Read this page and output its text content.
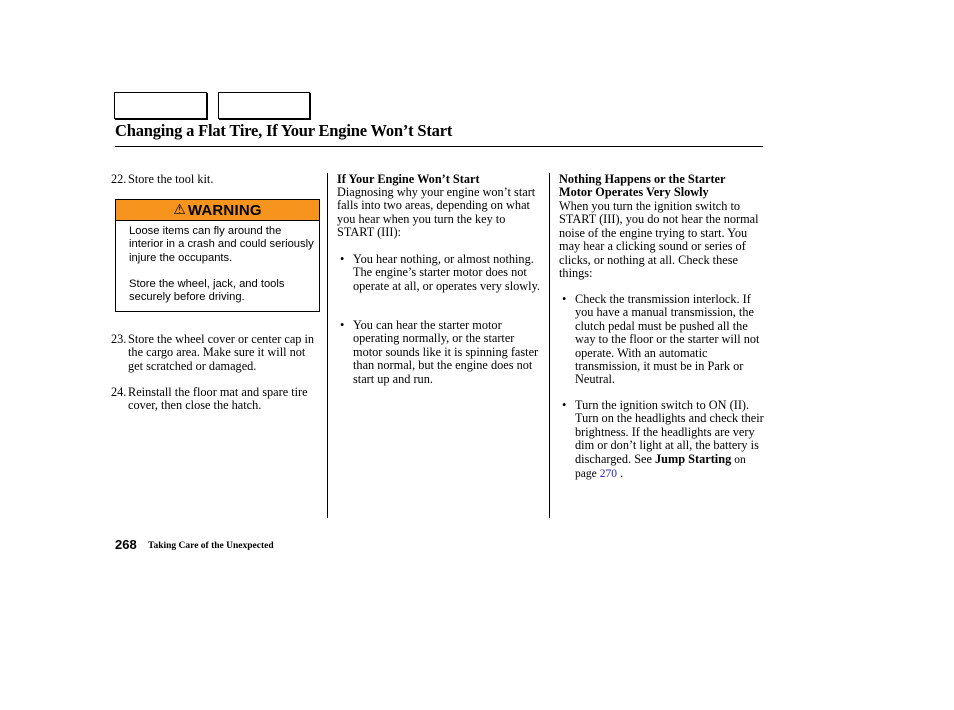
Changing a Flat Tire, If Your Engine Won’t Start
22. Store the tool kit.
⚠ WARNING

Loose items can fly around the interior in a crash and could seriously injure the occupants.

Store the wheel, jack, and tools securely before driving.

23. Store the wheel cover or center cap in the cargo area. Make sure it will not get scratched or damaged.
24. Reinstall the floor mat and spare tire cover, then close the hatch.
If Your Engine Won’t Start
Diagnosing why your engine won’t start falls into two areas, depending on what you hear when you turn the key to START (III):
• You hear nothing, or almost nothing. The engine’s starter motor does not operate at all, or operates very slowly.
• You can hear the starter motor operating normally, or the starter motor sounds like it is spinning faster than normal, but the engine does not start up and run.
Nothing Happens or the Starter Motor Operates Very Slowly
When you turn the ignition switch to START (III), you do not hear the normal noise of the engine trying to start. You may hear a clicking sound or series of clicks, or nothing at all. Check these things:
• Check the transmission interlock. If you have a manual transmission, the clutch pedal must be pushed all the way to the floor or the starter will not operate. With an automatic transmission, it must be in Park or Neutral.
• Turn the ignition switch to ON (II). Turn on the headlights and check their brightness. If the headlights are very dim or don’t light at all, the battery is discharged. See Jump Starting on page 270 .
268 Taking Care of the Unexpected
